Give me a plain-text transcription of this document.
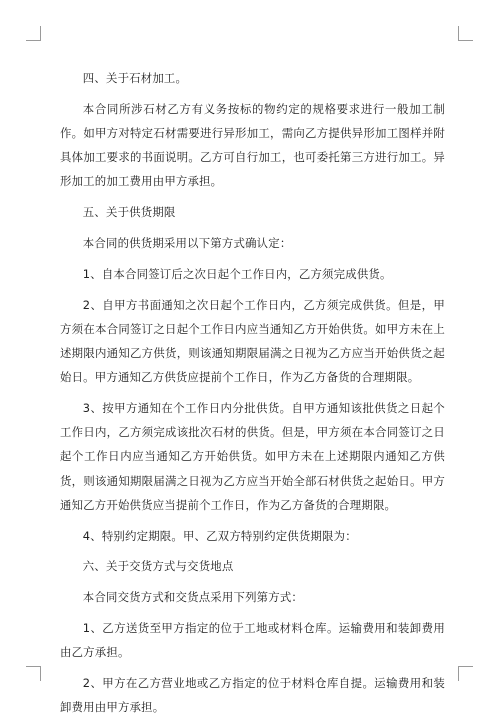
四、关于石材加工。

本合同所涉石材乙方有义务按标的物约定的规格要求进行一般加工制作。如甲方对特定石材需要进行异形加工，需向乙方提供异形加工图样并附具体加工要求的书面说明。乙方可自行加工，也可委托第三方进行加工。异形加工的加工费用由甲方承担。

五、关于供货期限

本合同的供货期采用以下第方式确认定：

1、自本合同签订后之次日起个工作日内，乙方须完成供货。

2、自甲方书面通知之次日起个工作日内，乙方须完成供货。但是，甲方须在本合同签订之日起个工作日内应当通知乙方开始供货。如甲方未在上述期限内通知乙方供货，则该通知期限届满之日视为乙方应当开始供货之起始日。甲方通知乙方供货应提前个工作日，作为乙方备货的合理期限。

3、按甲方通知在个工作日内分批供货。自甲方通知该批供货之日起个工作日内，乙方须完成该批次石材的供货。但是，甲方须在本合同签订之日起个工作日内应当通知乙方开始供货。如甲方未在上述期限内通知乙方供货，则该通知期限届满之日视为乙方应当开始全部石材供货之起始日。甲方通知乙方开始供货应当提前个工作日，作为乙方备货的合理期限。

4、特别约定期限。甲、乙双方特别约定供货期限为：

六、关于交货方式与交货地点

本合同交货方式和交货点采用下列第方式：

1、乙方送货至甲方指定的位于工地或材料仓库。运输费用和装卸费用由乙方承担。

2、甲方在乙方营业地或乙方指定的位于材料仓库自提。运输费用和装卸费用由甲方承担。
